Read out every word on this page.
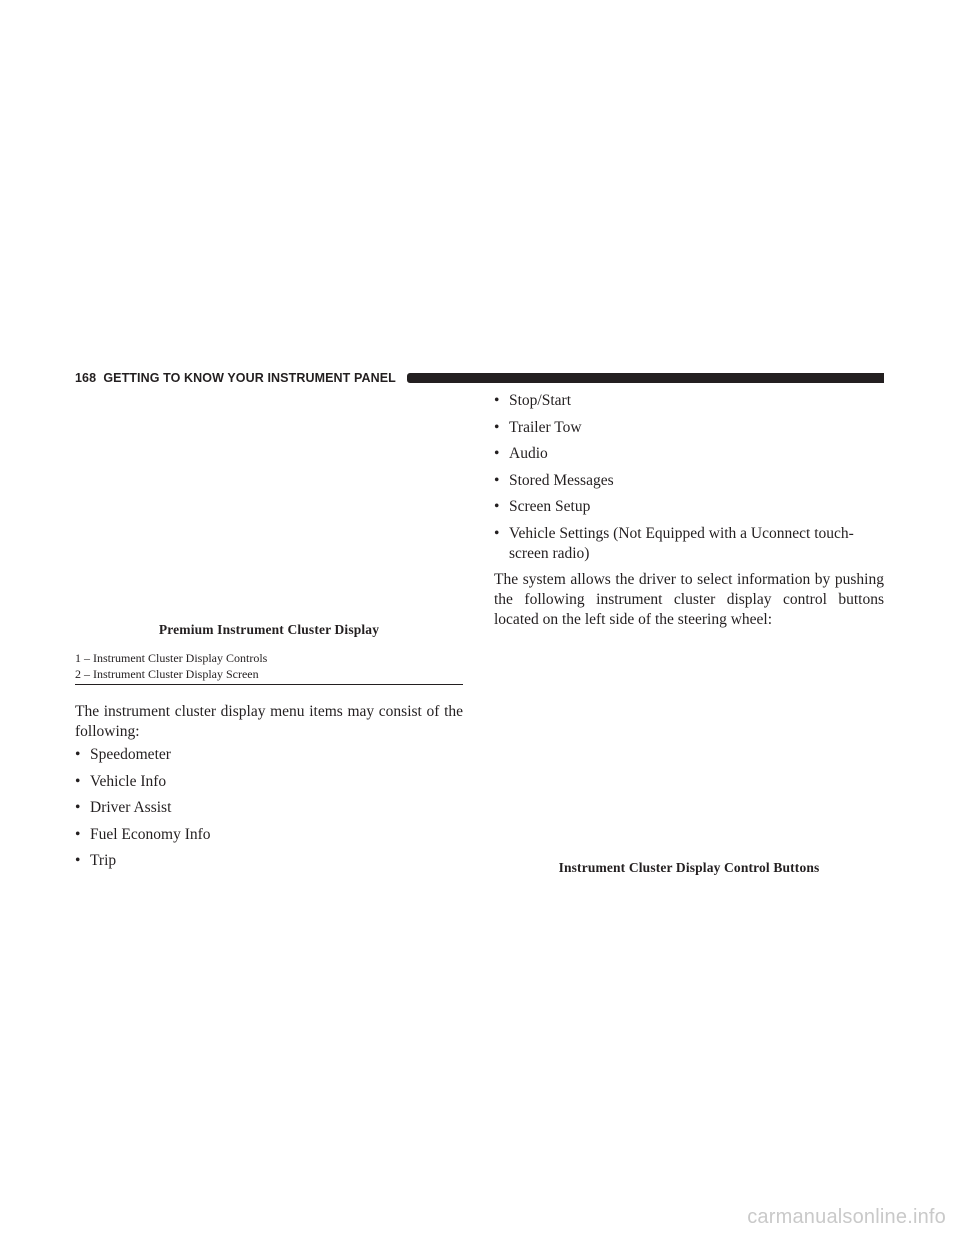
168 GETTING TO KNOW YOUR INSTRUMENT PANEL
Premium Instrument Cluster Display
1 – Instrument Cluster Display Controls
2 – Instrument Cluster Display Screen

The instrument cluster display menu items may consist of the following:

• Speedometer
• Vehicle Info
• Driver Assist
• Fuel Economy Info
• Trip
• Stop/Start
• Trailer Tow
• Audio
• Stored Messages
• Screen Setup
• Vehicle Settings (Not Equipped with a Uconnect touch-screen radio)

The system allows the driver to select information by pushing the following instrument cluster display control buttons located on the left side of the steering wheel:

Instrument Cluster Display Control Buttons
carmanualsonline.info
